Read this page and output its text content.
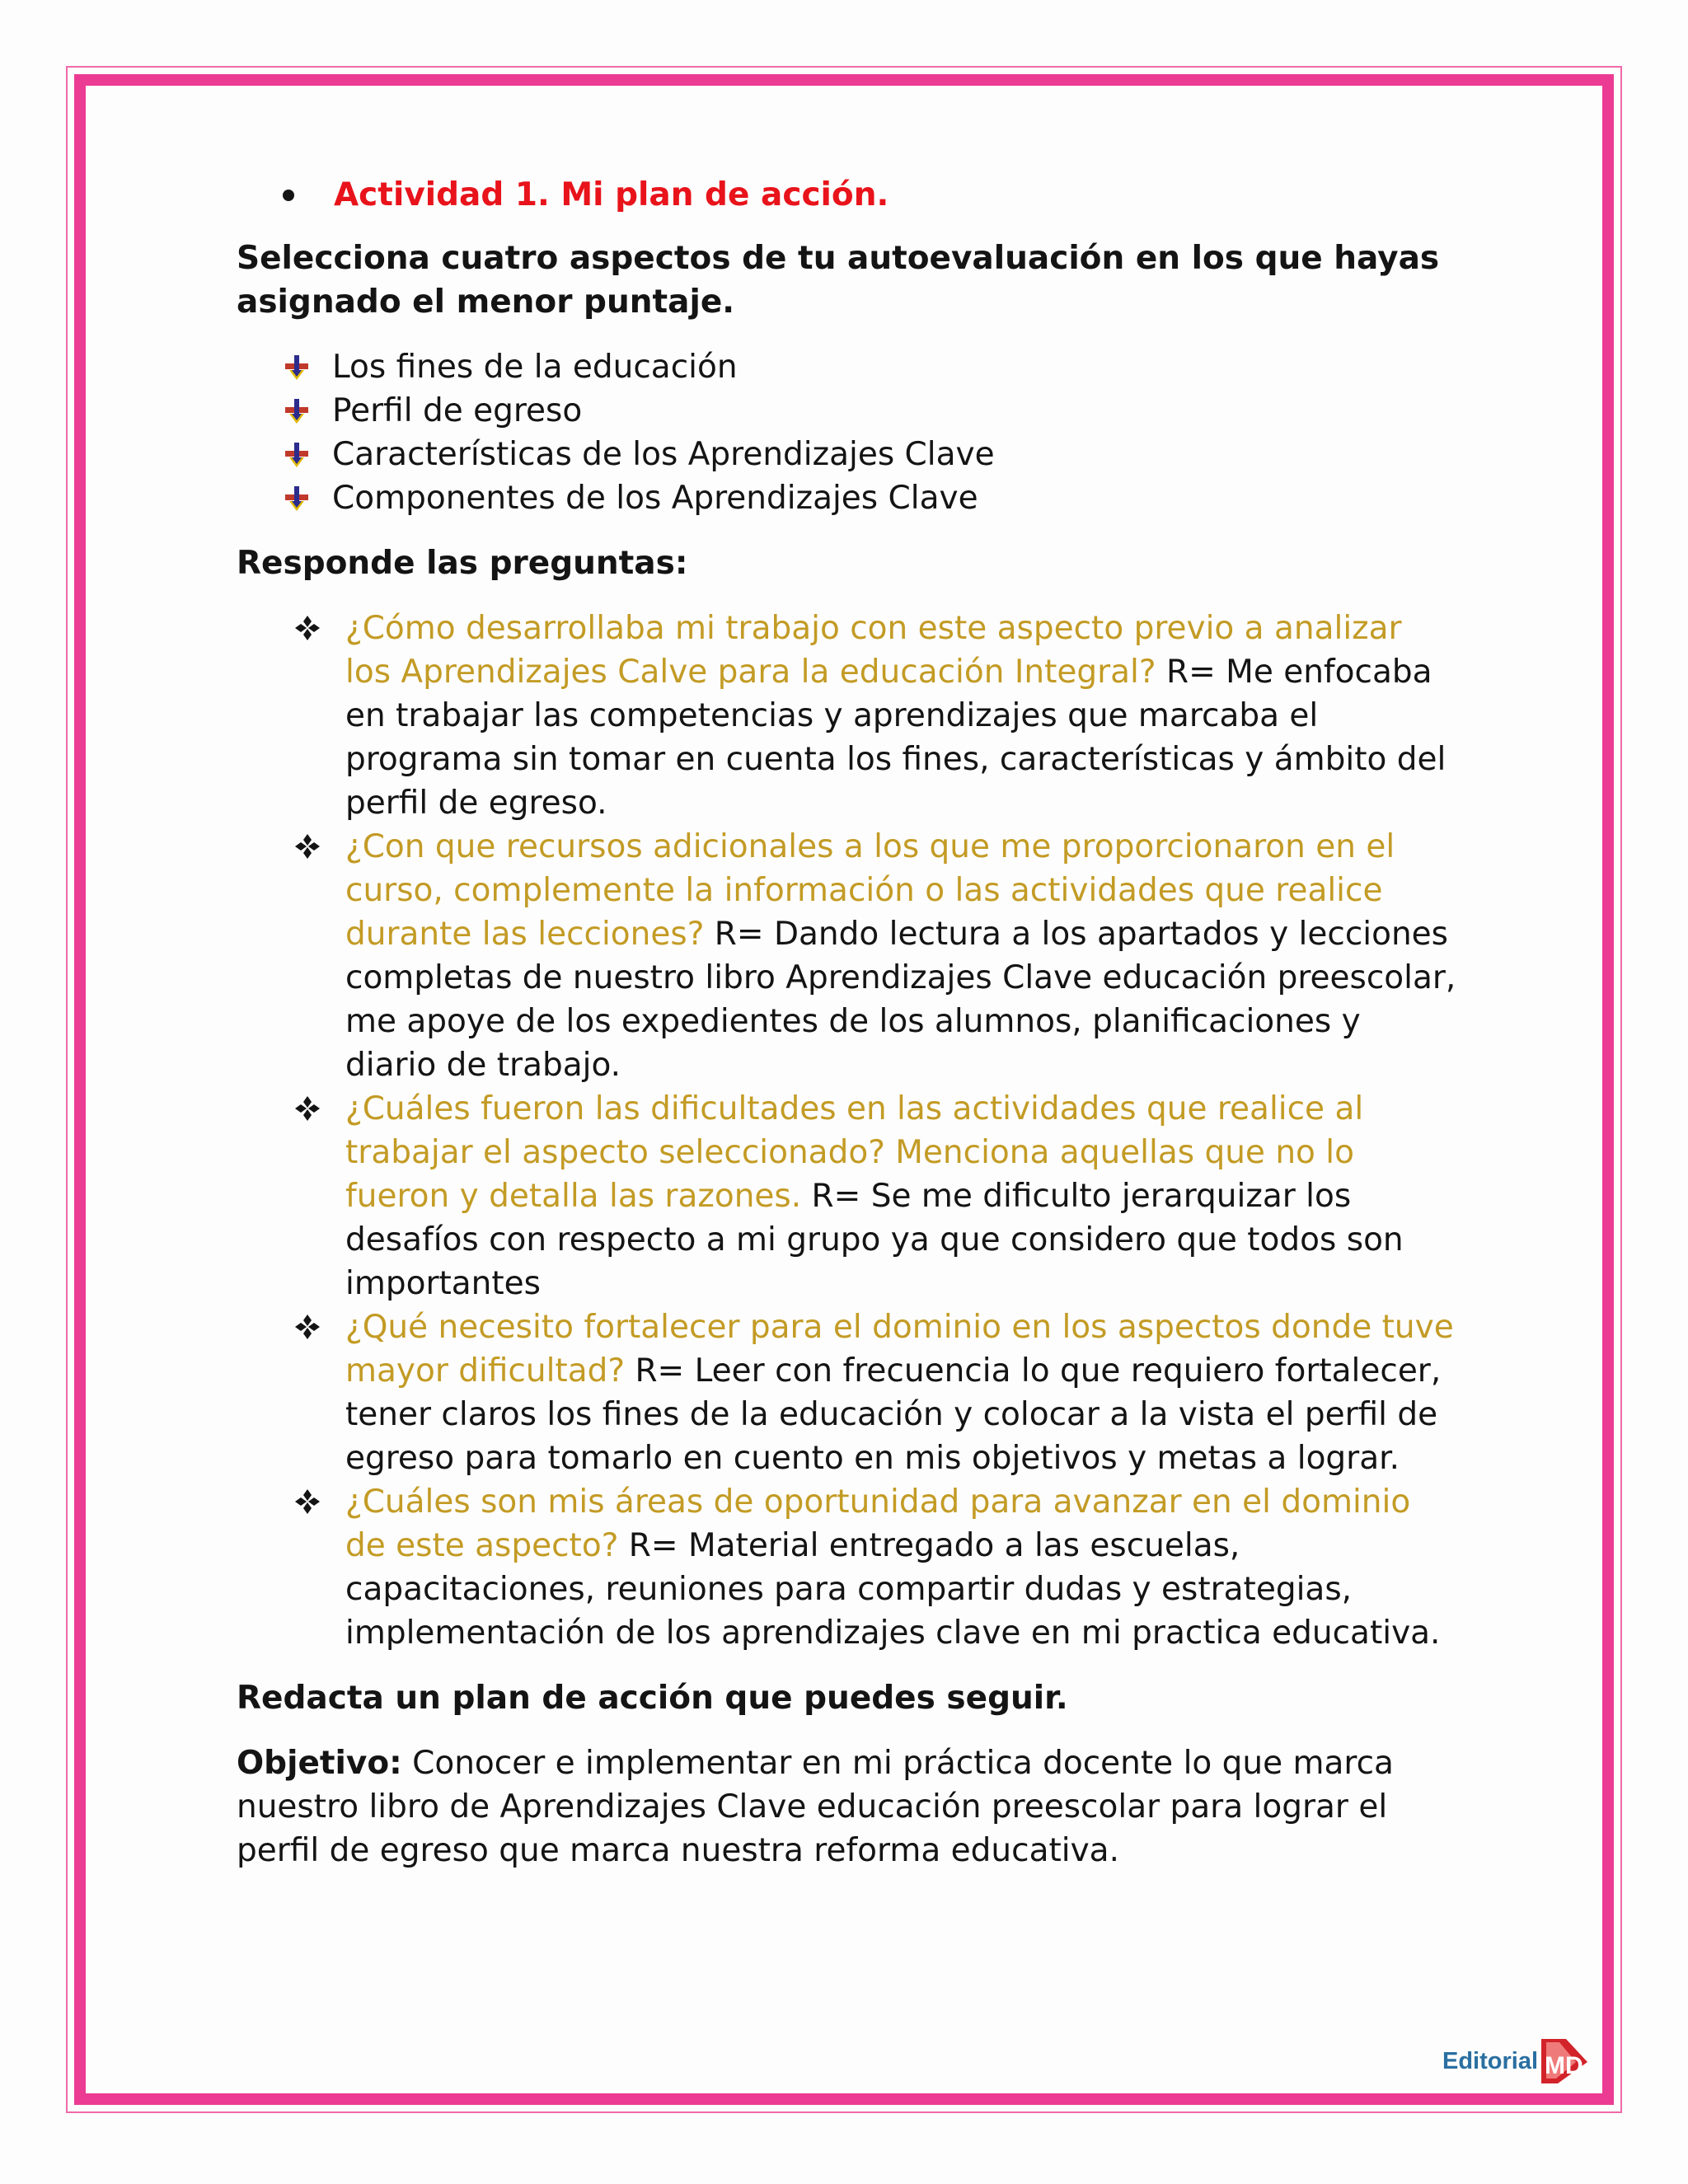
Actividad 1. Mi plan de acción.

Selecciona cuatro aspectos de tu autoevaluación en los que hayas asignado el menor puntaje.

Los fines de la educación
Perfil de egreso
Características de los Aprendizajes Clave
Componentes de los Aprendizajes Clave

Responde las preguntas:

¿Cómo desarrollaba mi trabajo con este aspecto previo a analizar los Aprendizajes Calve para la educación Integral? R= Me enfocaba en trabajar las competencias y aprendizajes que marcaba el programa sin tomar en cuenta los fines, características y ámbito del perfil de egreso.
¿Con que recursos adicionales a los que me proporcionaron en el curso, complemente la información o las actividades que realice durante las lecciones? R= Dando lectura a los apartados y lecciones completas de nuestro libro Aprendizajes Clave educación preescolar, me apoye de los expedientes de los alumnos, planificaciones y diario de trabajo.
¿Cuáles fueron las dificultades en las actividades que realice al trabajar el aspecto seleccionado? Menciona aquellas que no lo fueron y detalla las razones. R= Se me dificulto jerarquizar los desafíos con respecto a mi grupo ya que considero que todos son importantes
¿Qué necesito fortalecer para el dominio en los aspectos donde tuve mayor dificultad? R= Leer con frecuencia lo que requiero fortalecer, tener claros los fines de la educación y colocar a la vista el perfil de egreso para tomarlo en cuento en mis objetivos y metas a lograr.
¿Cuáles son mis áreas de oportunidad para avanzar en el dominio de este aspecto? R= Material entregado a las escuelas, capacitaciones, reuniones para compartir dudas y estrategias, implementación de los aprendizajes clave en mi practica educativa.

Redacta un plan de acción que puedes seguir.

Objetivo: Conocer e implementar en mi práctica docente lo que marca nuestro libro de Aprendizajes Clave educación preescolar para lograr el perfil de egreso que marca nuestra reforma educativa.

Editorial MD
